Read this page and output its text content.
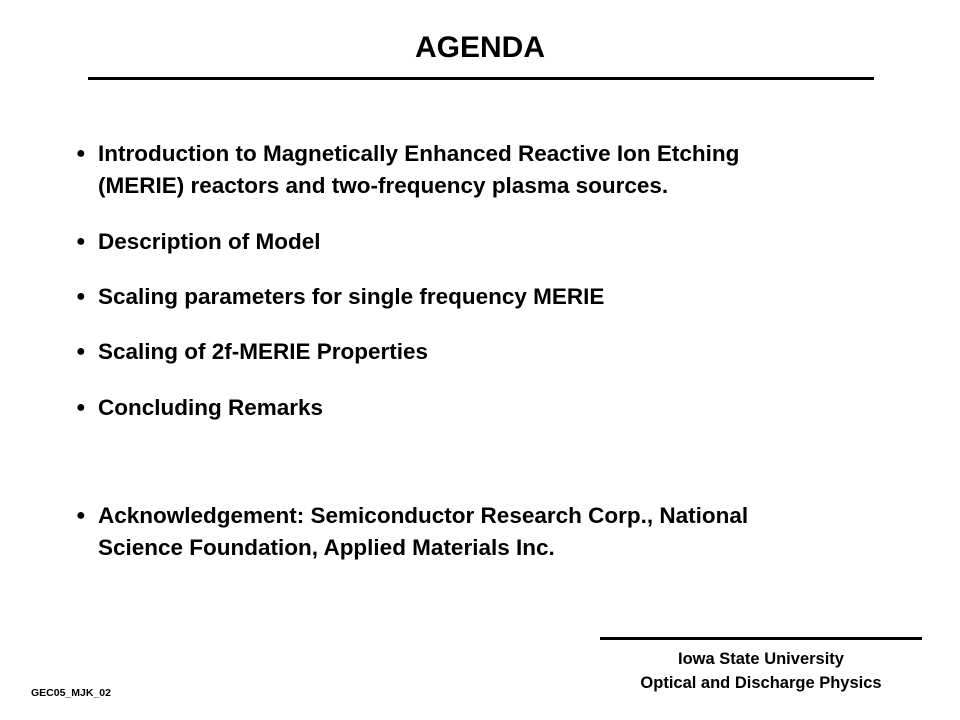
AGENDA
● Introduction to Magnetically Enhanced Reactive Ion Etching
(MERIE) reactors and two-frequency plasma sources.
● Description of Model
● Scaling parameters for single frequency MERIE
● Scaling of 2f-MERIE Properties
● Concluding Remarks
● Acknowledgement: Semiconductor Research Corp., National
Science Foundation, Applied Materials Inc.

Iowa State University

Optical and Discharge Physics

GEC05_MJK_02
